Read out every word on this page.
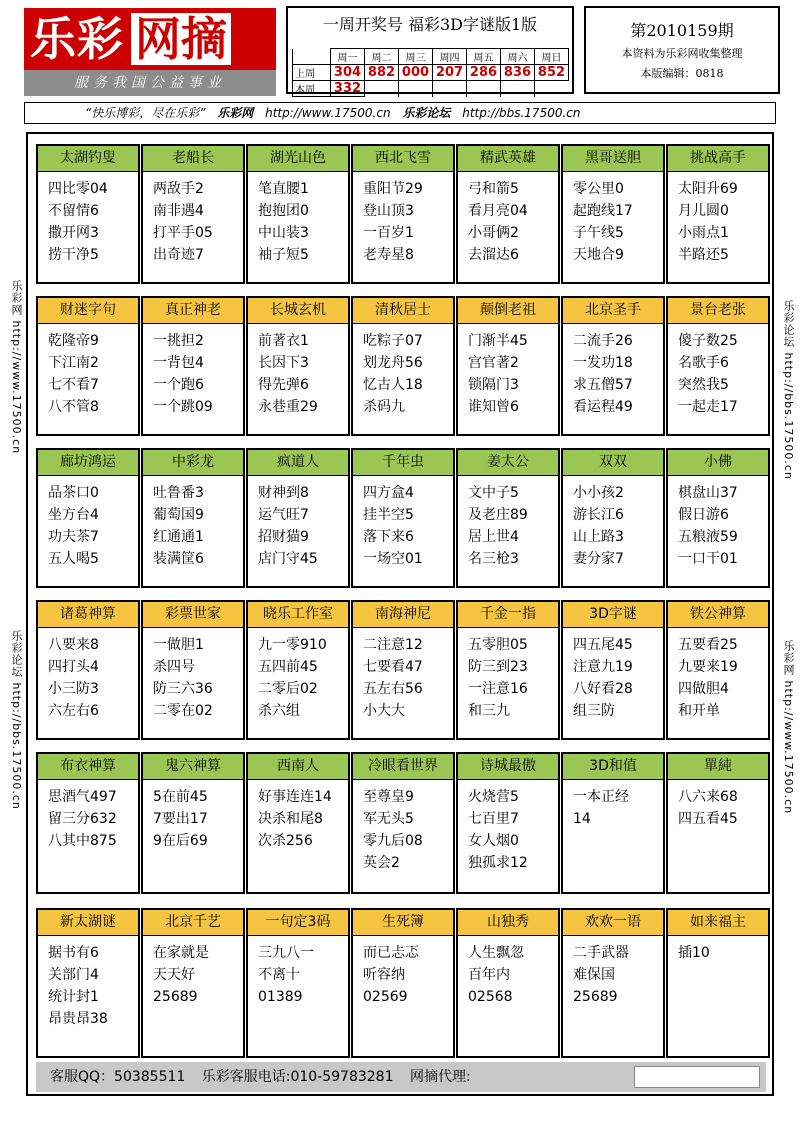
乐彩 网摘
服务我国公益事业
一周开奖号 福彩3D字谜版1版
	周一	周二	周三	周四	周五	周六	周日
上周	304	882	000	207	286	836	852
本周	332						
第2010159期
本资料为乐彩网收集整理
本版编辑：0818
“快乐博彩，尽在乐彩” 乐彩网 http://www.17500.cn 乐彩论坛 http://bbs.17500.cn
乐彩网 http://www.17500.cn
乐彩论坛 http://bbs.17500.cn
乐彩论坛 http://bbs.17500.cn
乐彩网 http://www.17500.cn
太湖钓叟
四比零04
不留情6
撒开网3
捞干净5
老船长
两敌手2
南非遇4
打平手05
出奇迹7
湖光山色
笔直腰1
抱抱团0
中山装3
袖子短5
西北飞雪
重阳节29
登山顶3
一百岁1
老寿星8
精武英雄
弓和箭5
看月亮04
小哥俩2
去溜达6
黑哥送胆
零公里0
起跑线17
子午线5
天地合9
挑战高手
太阳升69
月儿圆0
小雨点1
半路还5
财迷字句
乾隆帝9
下江南2
七不看7
八不管8
真正神老
一挑担2
一背包4
一个跑6
一个跳09
长城玄机
前著衣1
长因下3
得先弹6
永巷重29
清秋居士
吃粽子07
划龙舟56
忆古人18
杀码九
颠倒老祖
门渐半45
宫官著2
锁隔门3
谁知曾6
北京圣手
二流手26
一发功18
求五僧57
看运程49
景台老张
傻子数25
名歌手6
突然我5
一起走17
廊坊鸿运
品茶口0
坐方台4
功夫茶7
五人喝5
中彩龙
吐鲁番3
葡萄国9
红通通1
装满筐6
疯道人
财神到8
运气旺7
招财猫9
店门守45
千年虫
四方盒4
挂半空5
落下来6
一场空01
姜太公
文中子5
及老庄89
居上世4
名三枪3
双双
小小孩2
游长江6
山上路3
妻分家7
小佛
棋盘山37
假日游6
五粮液59
一口干01
诸葛神算
八要来8
四打头4
小三防3
六左右6
彩票世家
一做胆1
杀四号
防三六36
二零在02
晓乐工作室
九一零910
五四前45
二零后02
杀六组
南海神尼
二注意12
七要看47
五左右56
小大大
千金一指
五零胆05
防三到23
一注意16
和三九
3D字谜
四五尾45
注意九19
八好看28
组三防
铁公神算
五要看25
九要来19
四做胆4
和开单
布衣神算
思酒气497
留三分632
八其中875
鬼六神算
5在前45
7要出17
9在后69
西南人
好事连连14
决杀和尾8
次杀256
冷眼看世界
至尊皇9
军无头5
零九后08
英会2
诗城最傲
火烧营5
七百里7
女人烟0
独孤求12
3D和值
一本正经
14
單純
八六来68
四五看45
新太湖谜
据书有6
关部门4
统计封1
昂贵昂38
北京千艺
在家就是
天天好
25689
一句定3码
三九八一
不离十
01389
生死簿
而已忐忑
听容纳
02569
山独秀
人生飘忽
百年内
02568
欢欢一语
二手武器
难保国
25689
如来福主
插10
客服QQ：50385511 乐彩客服电话:010-59783281 网摘代理:
